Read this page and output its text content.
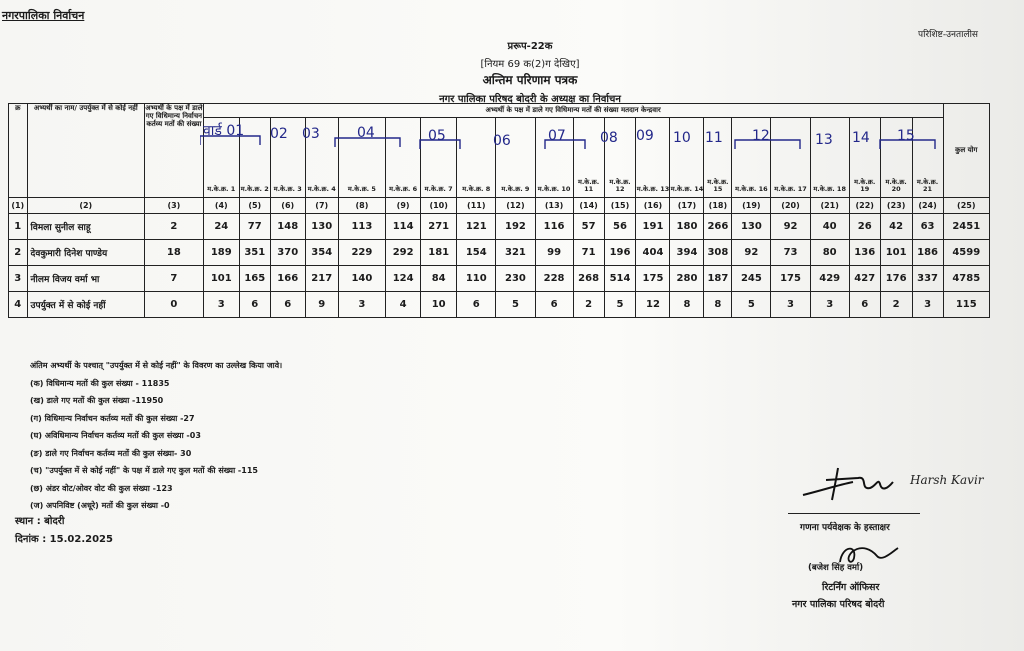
नगरपालिका निर्वाचन
परिशिष्ट-उनतालीस
प्ररूप-22क
[नियम 69 क(2)ग देखिए]
अन्तिम परिणाम पत्रक
नगर पालिका परिषद बोदरी के अध्यक्ष का निर्वाचन
क्र	अभ्यर्थी का नाम/ उपर्युक्त में से कोई नहीं	अभ्यर्थी के पक्ष में डाले गए विधिमान्य निर्वाचन कर्तव्य मतों की संख्या	अभ्यर्थी के पक्ष में डाले गए विधिमान्य मतों की संख्या मतदान केन्द्रवार																					कुल योग
			म.के.क्र. 1	म.के.क्र. 2	म.के.क्र. 3	म.के.क्र. 4	म.के.क्र. 5	म.के.क्र. 6	म.के.क्र. 7	म.के.क्र. 8	म.के.क्र. 9	म.के.क्र. 10	म.के.क्र. 11	म.के.क्र. 12	म.के.क्र. 13	म.के.क्र. 14	म.के.क्र. 15	म.के.क्र. 16	म.के.क्र. 17	म.के.क्र. 18	म.के.क्र. 19	म.के.क्र. 20	म.के.क्र. 21	
(1)	(2)	(3)	(4)	(5)	(6)	(7)	(8)	(9)	(10)	(11)	(12)	(13)	(14)	(15)	(16)	(17)	(18)	(19)	(20)	(21)	(22)	(23)	(24)	(25)
1	विमला सुनील साहू	2	24	77	148	130	113	114	271	121	192	116	57	56	191	180	266	130	92	40	26	42	63	2451
2	देवकुमारी दिनेश पाण्डेय	18	189	351	370	354	229	292	181	154	321	99	71	196	404	394	308	92	73	80	136	101	186	4599
3	नीलम विजय वर्मा भा	7	101	165	166	217	140	124	84	110	230	228	268	514	175	280	187	245	175	429	427	176	337	4785
4	उपर्युक्त में से कोई नहीं	0	3	6	6	9	3	4	10	6	5	6	2	5	12	8	8	5	3	3	6	2	3	115
वार्ड 01 02 03	04	05	06	07 08 09 10 11 12	13 14 15
अंतिम अभ्यर्थी के पश्चात् "उपर्युक्त में से कोई नहीं" के विवरण का उल्लेख किया जावे।
(क) विधिमान्य मतों की कुल संख्या - 11835
(ख) डाले गए मतों की कुल संख्या -11950
(ग) विधिमान्य निर्वाचन कर्तव्य मतों की कुल संख्या -27
(घ) अविधिमान्य निर्वाचन कर्तव्य मतों की कुल संख्या -03
(ङ) डाले गए निर्वाचन कर्तव्य मतों की कुल संख्या- 30
(च) "उपर्युक्त में से कोई नहीं" के पक्ष में डाले गए कुल मतों की संख्या -115
(छ) अंडर वोट/ओवर वोट की कुल संख्या -123
(ज) अपनिविष्ट (अधूरे) मतों की कुल संख्या -0
स्थान : बोदरी
दिनांक : 15.02.2025
Harsh Kavir
गणना पर्यवेक्षक के हस्ताक्षर
(बजेश सिंह वर्मा)
रिटर्निंग ऑफिसर
नगर पालिका परिषद बोदरी
